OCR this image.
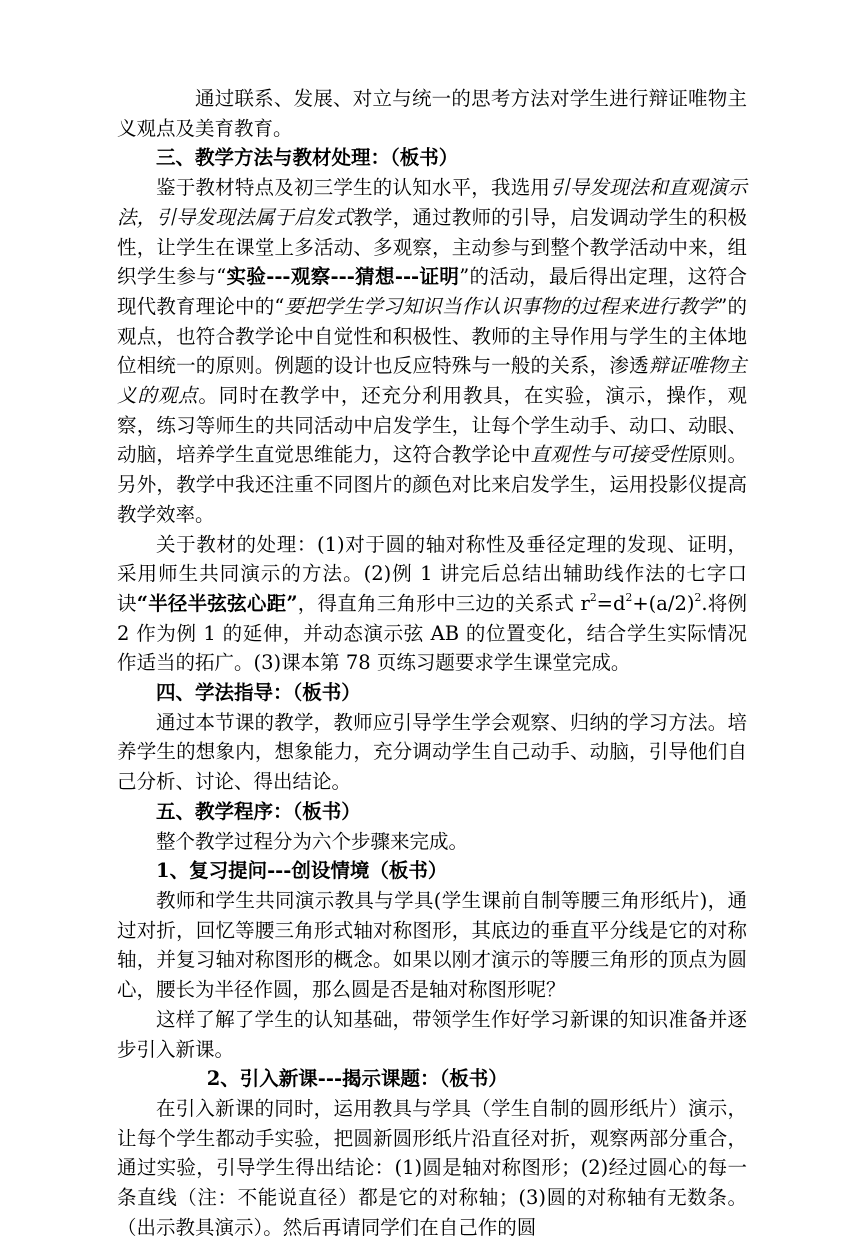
通过联系、发展、对立与统一的思考方法对学生进行辩证唯物主义观点及美育教育。

三、教学方法与教材处理：（板书）

鉴于教材特点及初三学生的认知水平，我选用引导发现法和直观演示法，引导发现法属于启发式教学，通过教师的引导，启发调动学生的积极性，让学生在课堂上多活动、多观察，主动参与到整个教学活动中来，组织学生参与“实验---观察---猜想---证明”的活动，最后得出定理，这符合现代教育理论中的“要把学生学习知识当作认识事物的过程来进行教学”的观点，也符合教学论中自觉性和积极性、教师的主导作用与学生的主体地位相统一的原则。例题的设计也反应特殊与一般的关系，渗透辩证唯物主义的观点。同时在教学中，还充分利用教具，在实验，演示，操作，观察，练习等师生的共同活动中启发学生，让每个学生动手、动口、动眼、动脑，培养学生直觉思维能力，这符合教学论中直观性与可接受性原则。另外，教学中我还注重不同图片的颜色对比来启发学生，运用投影仪提高教学效率。

关于教材的处理：(1)对于圆的轴对称性及垂径定理的发现、证明，采用师生共同演示的方法。(2)例 1 讲完后总结出辅助线作法的七字口诀“半径半弦弦心距”，得直角三角形中三边的关系式 $r^2=d^2+(a/2)^2$.将例 2 作为例 1 的延伸，并动态演示弦 AB 的位置变化，结合学生实际情况作适当的拓广。(3)课本第 78 页练习题要求学生课堂完成。

四、学法指导：（板书）

通过本节课的教学，教师应引导学生学会观察、归纳的学习方法。培养学生的想象内，想象能力，充分调动学生自己动手、动脑，引导他们自己分析、讨论、得出结论。

五、教学程序：（板书）

整个教学过程分为六个步骤来完成。

1、复习提问---创设情境（板书）

教师和学生共同演示教具与学具(学生课前自制等腰三角形纸片)，通过对折，回忆等腰三角形式轴对称图形，其底边的垂直平分线是它的对称轴，并复习轴对称图形的概念。如果以刚才演示的等腰三角形的顶点为圆心，腰长为半径作圆，那么圆是否是轴对称图形呢？

这样了解了学生的认知基础，带领学生作好学习新课的知识准备并逐步引入新课。

2、引入新课---揭示课题：（板书）

在引入新课的同时，运用教具与学具（学生自制的圆形纸片）演示，让每个学生都动手实验，把圆新圆形纸片沿直径对折，观察两部分重合，通过实验，引导学生得出结论：(1)圆是轴对称图形；(2)经过圆心的每一条直线（注：不能说直径）都是它的对称轴；(3)圆的对称轴有无数条。（出示教具演示）。然后再请同学们在自己作的圆
